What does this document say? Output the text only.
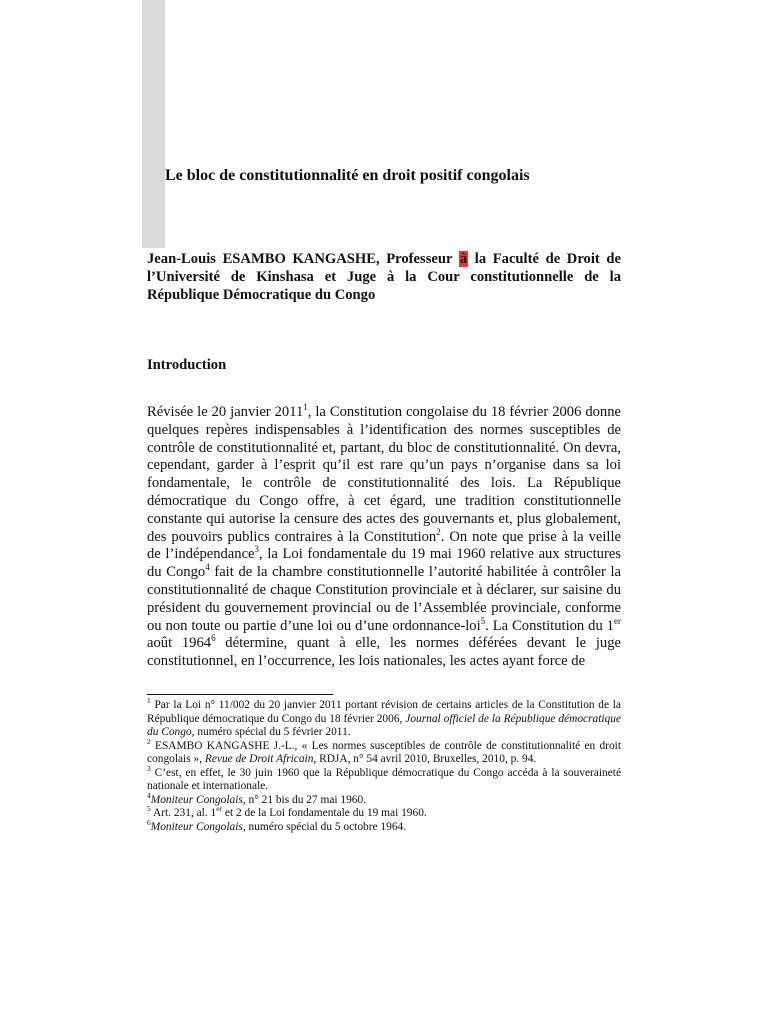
Le bloc de constitutionnalité en droit positif congolais
Jean-Louis ESAMBO KANGASHE, Professeur à la Faculté de Droit de l’Université de Kinshasa et Juge à la Cour constitutionnelle de la République Démocratique du Congo
Introduction
Révisée le 20 janvier 2011$^1$, la Constitution congolaise du 18 février 2006 donne quelques repères indispensables à l’identification des normes susceptibles de contrôle de constitutionnalité et, partant, du bloc de constitutionnalité. On devra, cependant, garder à l’esprit qu’il est rare qu’un pays n’organise dans sa loi fondamentale, le contrôle de constitutionnalité des lois. La République démocratique du Congo offre, à cet égard, une tradition constitutionnelle constante qui autorise la censure des actes des gouvernants et, plus globalement, des pouvoirs publics contraires à la Constitution$^2$. On note que prise à la veille de l’indépendance$^3$, la Loi fondamentale du 19 mai 1960 relative aux structures du Congo$^4$ fait de la chambre constitutionnelle l’autorité habilitée à contrôler la constitutionnalité de chaque Constitution provinciale et à déclarer, sur saisine du président du gouvernement provincial ou de l’Assemblée provinciale, conforme ou non toute ou partie d’une loi ou d’une ordonnance-loi$^5$. La Constitution du 1er août 1964$^6$ détermine, quant à elle, les normes déférées devant le juge constitutionnel, en l’occurrence, les lois nationales, les actes ayant force de

$^1$ Par la Loi n° 11/002 du 20 janvier 2011 portant révision de certains articles de la Constitution de la République démocratique du Congo du 18 février 2006, Journal officiel de la République démocratique du Congo, numéro spécial du 5 février 2011.

$^2$ ESAMBO KANGASHE J.-L., « Les normes susceptibles de contrôle de constitutionnalité en droit congolais », Revue de Droit Africain, RDJA, n° 54 avril 2010, Bruxelles, 2010, p. 94.

$^3$ C’est, en effet, le 30 juin 1960 que la République démocratique du Congo accéda à la souveraineté nationale et internationale.

$^4$Moniteur Congolais, n° 21 bis du 27 mai 1960.

$^5$ Art. 231, al. 1er et 2 de la Loi fondamentale du 19 mai 1960.

$^6$Moniteur Congolais, numéro spécial du 5 octobre 1964.
